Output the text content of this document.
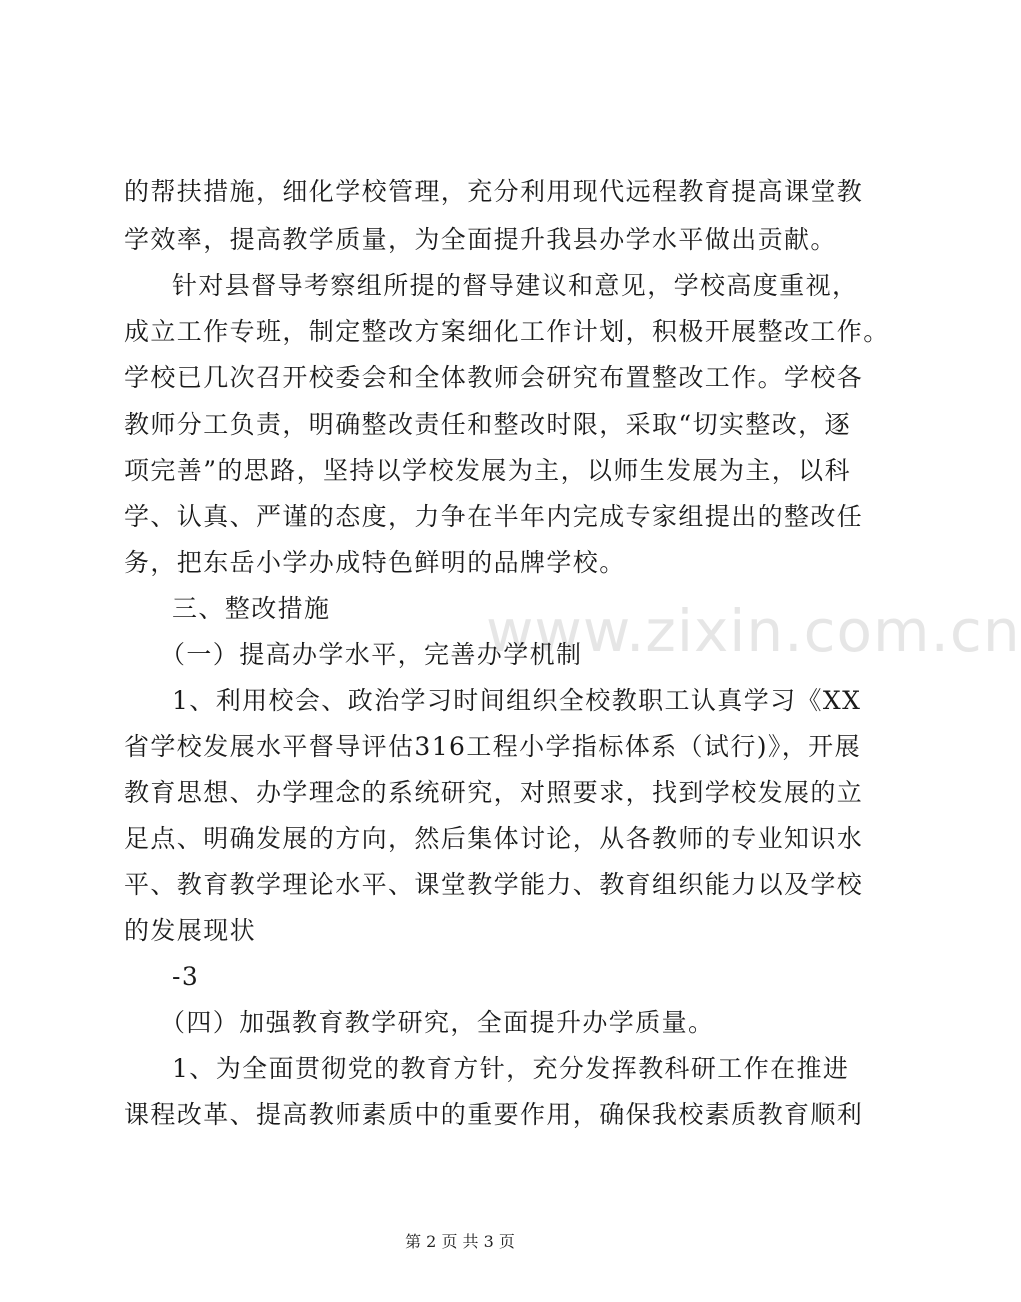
www.zixin.com.cn
的帮扶措施，细化学校管理，充分利用现代远程教育提高课堂教
学效率，提高教学质量，为全面提升我县办学水平做出贡献。
针对县督导考察组所提的督导建议和意见，学校高度重视，
成立工作专班，制定整改方案细化工作计划，积极开展整改工作。
学校已几次召开校委会和全体教师会研究布置整改工作。学校各
教师分工负责，明确整改责任和整改时限，采取“切实整改，逐
项完善”的思路，坚持以学校发展为主，以师生发展为主，以科
学、认真、严谨的态度，力争在半年内完成专家组提出的整改任
务，把东岳小学办成特色鲜明的品牌学校。
三、整改措施
（一）提高办学水平，完善办学机制
1、利用校会、政治学习时间组织全校教职工认真学习《XX
省学校发展水平督导评估316工程小学指标体系（试行)》，开展
教育思想、办学理念的系统研究，对照要求，找到学校发展的立
足点、明确发展的方向，然后集体讨论，从各教师的专业知识水
平、教育教学理论水平、课堂教学能力、教育组织能力以及学校
的发展现状
-3
（四）加强教育教学研究，全面提升办学质量。
1、为全面贯彻党的教育方针，充分发挥教科研工作在推进
课程改革、提高教师素质中的重要作用，确保我校素质教育顺利
第 2 页 共 3 页
